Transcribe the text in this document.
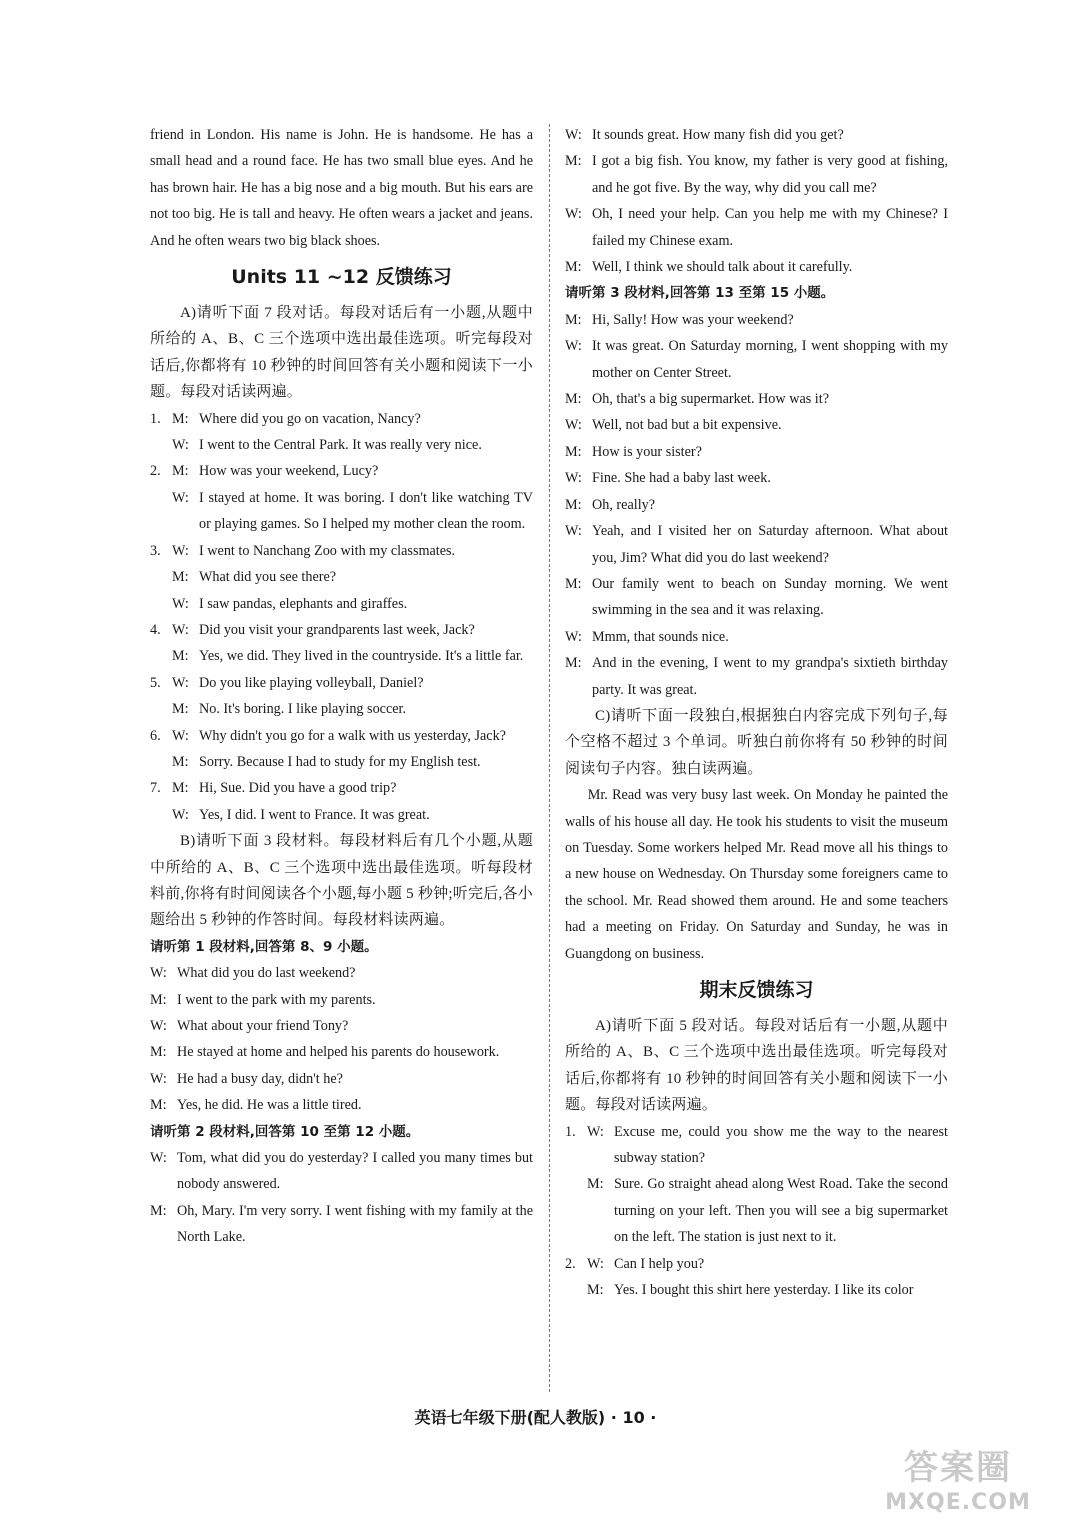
friend in London. His name is John. He is handsome. He has a small head and a round face. He has two small blue eyes. And he has brown hair. He has a big nose and a big mouth. But his ears are not too big. He is tall and heavy. He often wears a jacket and jeans. And he often wears two big black shoes.

Units 11 ~12 反馈练习

A)请听下面 7 段对话。每段对话后有一小题,从题中所给的 A、B、C 三个选项中选出最佳选项。听完每段对话后,你都将有 10 秒钟的时间回答有关小题和阅读下一小题。每段对话读两遍。

1. M: Where did you go on vacation, Nancy?
W: I went to the Central Park. It was really very nice.
2. M: How was your weekend, Lucy?
W: I stayed at home. It was boring. I don't like watching TV or playing games. So I helped my mother clean the room.
3. W: I went to Nanchang Zoo with my classmates.
M: What did you see there?
W: I saw pandas, elephants and giraffes.
4. W: Did you visit your grandparents last week, Jack?
M: Yes, we did. They lived in the countryside. It's a little far.
5. W: Do you like playing volleyball, Daniel?
M: No. It's boring. I like playing soccer.
6. W: Why didn't you go for a walk with us yesterday, Jack?
M: Sorry. Because I had to study for my English test.
7. M: Hi, Sue. Did you have a good trip?
W: Yes, I did. I went to France. It was great.

B)请听下面 3 段材料。每段材料后有几个小题,从题中所给的 A、B、C 三个选项中选出最佳选项。听每段材料前,你将有时间阅读各个小题,每小题 5 秒钟;听完后,各小题给出 5 秒钟的作答时间。每段材料读两遍。

请听第 1 段材料,回答第 8、9 小题。

W: What did you do last weekend?
M: I went to the park with my parents.
W: What about your friend Tony?
M: He stayed at home and helped his parents do housework.
W: He had a busy day, didn't he?
M: Yes, he did. He was a little tired.

请听第 2 段材料,回答第 10 至第 12 小题。

W: Tom, what did you do yesterday? I called you many times but nobody answered.
M: Oh, Mary. I'm very sorry. I went fishing with my family at the North Lake.
W: It sounds great. How many fish did you get?
M: I got a big fish. You know, my father is very good at fishing, and he got five. By the way, why did you call me?
W: Oh, I need your help. Can you help me with my Chinese? I failed my Chinese exam.
M: Well, I think we should talk about it carefully.

请听第 3 段材料,回答第 13 至第 15 小题。

M: Hi, Sally! How was your weekend?
W: It was great. On Saturday morning, I went shopping with my mother on Center Street.
M: Oh, that's a big supermarket. How was it?
W: Well, not bad but a bit expensive.
M: How is your sister?
W: Fine. She had a baby last week.
M: Oh, really?
W: Yeah, and I visited her on Saturday afternoon. What about you, Jim? What did you do last weekend?
M: Our family went to beach on Sunday morning. We went swimming in the sea and it was relaxing.
W: Mmm, that sounds nice.
M: And in the evening, I went to my grandpa's sixtieth birthday party. It was great.

C)请听下面一段独白,根据独白内容完成下列句子,每个空格不超过 3 个单词。听独白前你将有 50 秒钟的时间阅读句子内容。独白读两遍。

Mr. Read was very busy last week. On Monday he painted the walls of his house all day. He took his students to visit the museum on Tuesday. Some workers helped Mr. Read move all his things to a new house on Wednesday. On Thursday some foreigners came to the school. Mr. Read showed them around. He and some teachers had a meeting on Friday. On Saturday and Sunday, he was in Guangdong on business.

期末反馈练习

A)请听下面 5 段对话。每段对话后有一小题,从题中所给的 A、B、C 三个选项中选出最佳选项。听完每段对话后,你都将有 10 秒钟的时间回答有关小题和阅读下一小题。每段对话读两遍。

1. W: Excuse me, could you show me the way to the nearest subway station?
M: Sure. Go straight ahead along West Road. Take the second turning on your left. Then you will see a big supermarket on the left. The station is just next to it.
2. W: Can I help you?
M: Yes. I bought this shirt here yesterday. I like its color
英语七年级下册(配人教版) · 10 ·
答案圈
MXQE.COM
